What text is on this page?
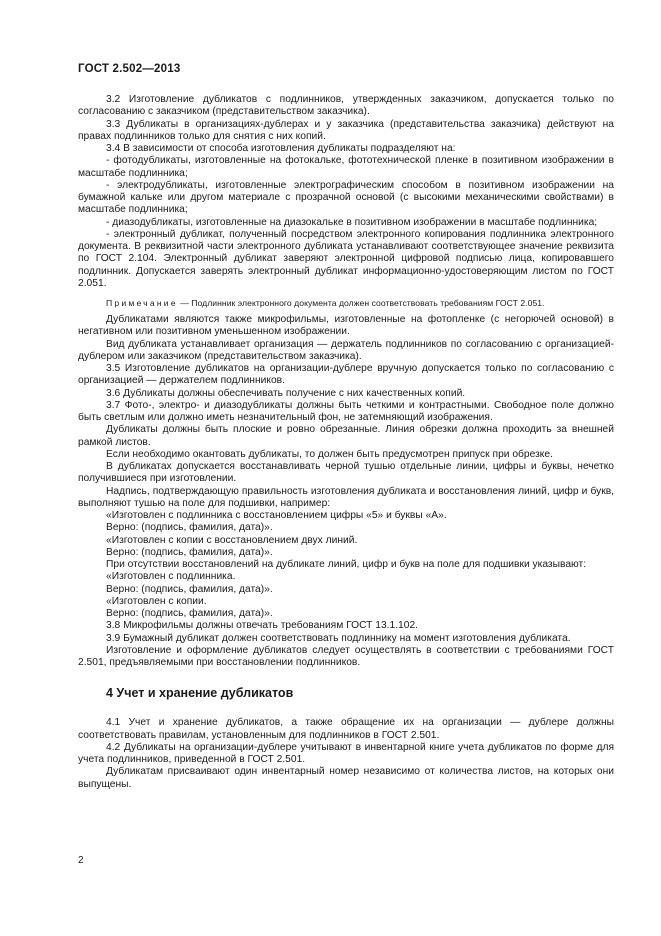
ГОСТ 2.502—2013

3.2 Изготовление дубликатов с подлинников, утвержденных заказчиком, допускается только по согласованию с заказчиком (представительством заказчика).

3.3 Дубликаты в организациях-дублерах и у заказчика (представительства заказчика) действуют на правах подлинников только для снятия с них копий.

3.4 В зависимости от способа изготовления дубликаты подразделяют на:

- фотодубликаты, изготовленные на фотокальке, фототехнической пленке в позитивном изображении в масштабе подлинника;

- электродубликаты, изготовленные электрографическим способом в позитивном изображении на бумажной кальке или другом материале с прозрачной основой (с высокими механическими свойствами) в масштабе подлинника;

- диазодубликаты, изготовленные на диазокальке в позитивном изображении в масштабе подлинника;

- электронный дубликат, полученный посредством электронного копирования подлинника электронного документа. В реквизитной части электронного дубликата устанавливают соответствующее значение реквизита по ГОСТ 2.104. Электронный дубликат заверяют электронной цифровой подписью лица, копировавшего подлинник. Допускается заверять электронный дубликат информационно-удостоверяющим листом по ГОСТ 2.051.

Примечание — Подлинник электронного документа должен соответствовать требованиям ГОСТ 2.051.

Дубликатами являются также микрофильмы, изготовленные на фотопленке (с негорючей основой) в негативном или позитивном уменьшенном изображении.

Вид дубликата устанавливает организация — держатель подлинников по согласованию с организацией-дублером или заказчиком (представительством заказчика).

3.5 Изготовление дубликатов на организации-дублере вручную допускается только по согласованию с организацией — держателем подлинников.

3.6 Дубликаты должны обеспечивать получение с них качественных копий.

3.7 Фото-, электро- и диазодубликаты должны быть четкими и контрастными. Свободное поле должно быть светлым или должно иметь незначительный фон, не затемняющий изображения.

Дубликаты должны быть плоские и ровно обрезанные. Линия обрезки должна проходить за внешней рамкой листов.

Если необходимо окантовать дубликаты, то должен быть предусмотрен припуск при обрезке.

В дубликатах допускается восстанавливать черной тушью отдельные линии, цифры и буквы, нечетко получившиеся при изготовлении.

Надпись, подтверждающую правильность изготовления дубликата и восстановления линий, цифр и букв, выполняют тушью на поле для подшивки, например:

«Изготовлен с подлинника с восстановлением цифры «5» и буквы «А».

Верно: (подпись, фамилия, дата)».

«Изготовлен с копии с восстановлением двух линий.

Верно: (подпись, фамилия, дата)».

При отсутствии восстановлений на дубликате линий, цифр и букв на поле для подшивки указывают:

«Изготовлен с подлинника.

Верно: (подпись, фамилия, дата)».

«Изготовлен с копии.

Верно: (подпись, фамилия, дата)».

3.8 Микрофильмы должны отвечать требованиям ГОСТ 13.1.102.

3.9 Бумажный дубликат должен соответствовать подлиннику на момент изготовления дубликата.

Изготовление и оформление дубликатов следует осуществлять в соответствии с требованиями ГОСТ 2.501, предъявляемыми при восстановлении подлинников.

4 Учет и хранение дубликатов

4.1 Учет и хранение дубликатов, а также обращение их на организации — дублере должны соответствовать правилам, установленным для подлинников в ГОСТ 2.501.

4.2 Дубликаты на организации-дублере учитывают в инвентарной книге учета дубликатов по форме для учета подлинников, приведенной в ГОСТ 2.501.

Дубликатам присваивают один инвентарный номер независимо от количества листов, на которых они выпущены.

2
